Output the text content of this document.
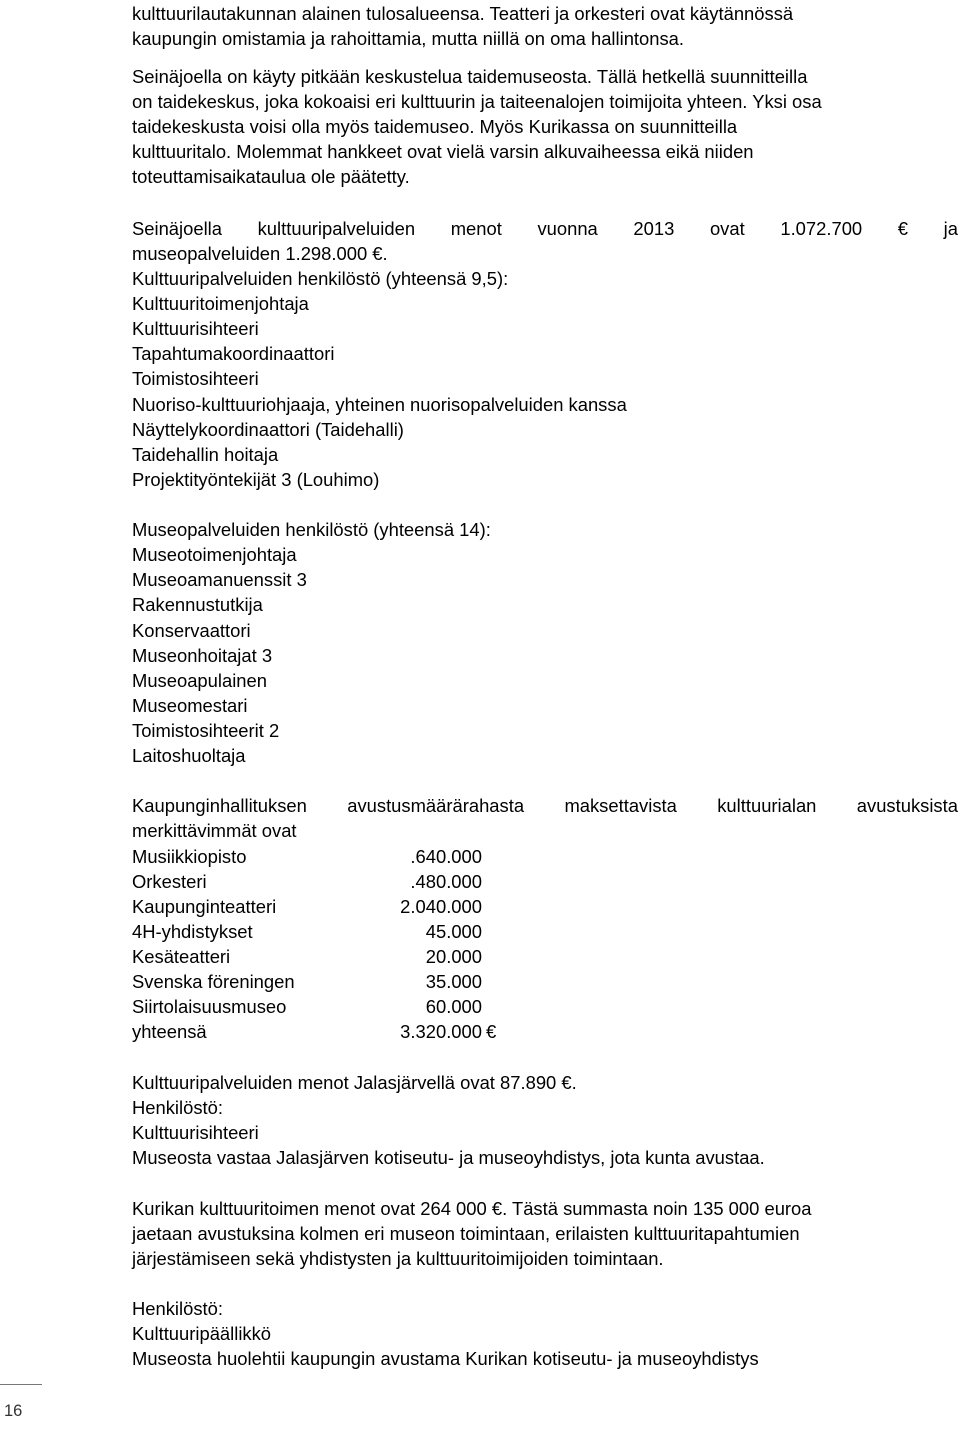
kulttuurilautakunnan alainen tulosalueensa. Teatteri ja orkesteri ovat käytännössä
kaupungin omistamia ja rahoittamia, mutta niillä on oma hallintonsa.
Seinäjoella on käyty pitkään keskustelua taidemuseosta. Tällä hetkellä suunnitteilla
on taidekeskus, joka kokoaisi eri kulttuurin ja taiteenalojen toimijoita yhteen. Yksi osa
taidekeskusta voisi olla myös taidemuseo. Myös Kurikassa on suunnitteilla
kulttuuritalo. Molemmat hankkeet ovat vielä varsin alkuvaiheessa eikä niiden
toteuttamisaikataulua ole päätetty.
Seinäjoella kulttuuripalveluiden menot vuonna 2013 ovat 1.072.700 € ja
museopalveluiden 1.298.000 €.
Kulttuuripalveluiden henkilöstö (yhteensä 9,5):
Kulttuuritoimenjohtaja
Kulttuurisihteeri
Tapahtumakoordinaattori
Toimistosihteeri
Nuoriso-kulttuuriohjaaja, yhteinen nuorisopalveluiden kanssa
Näyttelykoordinaattori (Taidehalli)
Taidehallin hoitaja
Projektityöntekijät 3 (Louhimo)
Museopalveluiden henkilöstö (yhteensä 14):
Museotoimenjohtaja
Museoamanuenssit 3
Rakennustutkija
Konservaattori
Museonhoitajat 3
Museoapulainen
Museomestari
Toimistosihteerit 2
Laitoshuoltaja
Kaupunginhallituksen avustusmäärärahasta maksettavista kulttuurialan avustuksista
merkittävimmät ovat
Musiikkiopisto	.640.000
Orkesteri	.480.000
Kaupunginteatteri	2.040.000
4H-yhdistykset	45.000
Kesäteatteri	20.000
Svenska föreningen	35.000
Siirtolaisuusmuseo	60.000
yhteensä	3.320.000 €
Kulttuuripalveluiden menot Jalasjärvellä ovat 87.890 €.
Henkilöstö:
Kulttuurisihteeri
Museosta vastaa Jalasjärven kotiseutu- ja museoyhdistys, jota kunta avustaa.
Kurikan kulttuuritoimen menot ovat 264 000 €. Tästä summasta noin 135 000 euroa
jaetaan avustuksina kolmen eri museon toimintaan, erilaisten kulttuuritapahtumien
järjestämiseen sekä yhdistysten ja kulttuuritoimijoiden toimintaan.
Henkilöstö:
Kulttuuripäällikkö
Museosta huolehtii kaupungin avustama Kurikan kotiseutu- ja museoyhdistys
16
